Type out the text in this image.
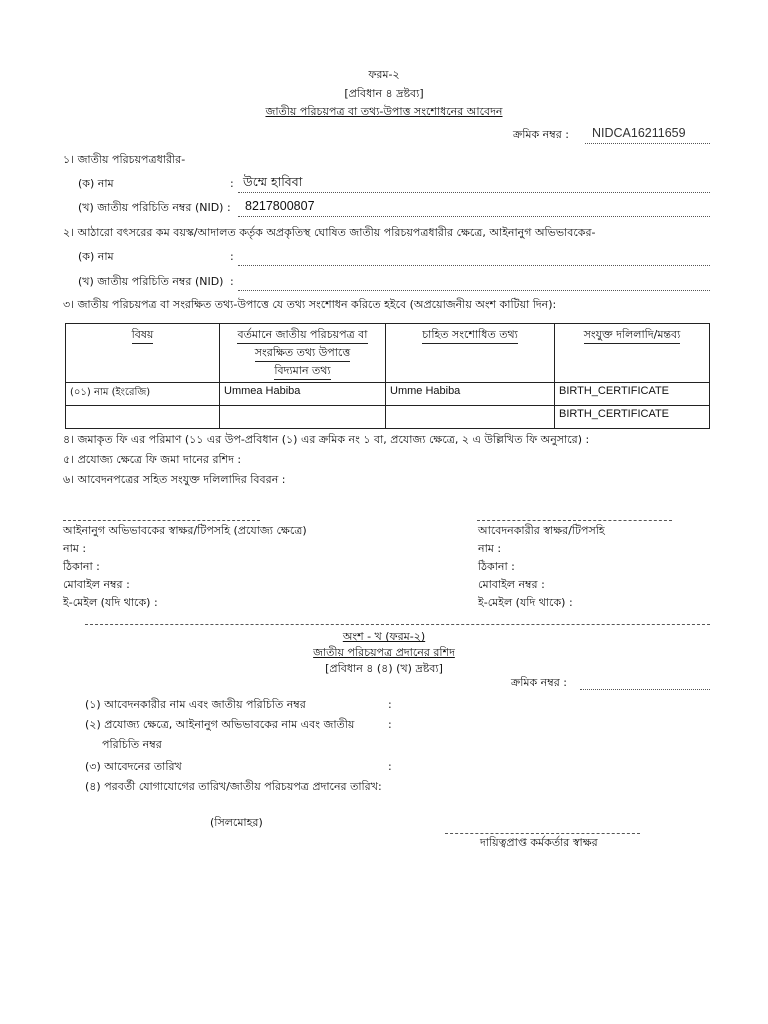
ফরম-২
[প্রবিধান ৪ দ্রষ্টব্য]
জাতীয় পরিচয়পত্র বা তথ্য-উপাত্ত সংশোধনের আবেদন
ক্রমিক নম্বর : NIDCA16211659
১। জাতীয় পরিচয়পত্রধারীর-
(ক) নাম	: উম্মে হাবিবা
(খ) জাতীয় পরিচিতি নম্বর (NID) : 8217800807
২। আঠারো বৎসরের কম বয়স্ক/আদালত কর্তৃক অপ্রকৃতিস্থ ঘোষিত জাতীয় পরিচয়পত্রধারীর ক্ষেত্রে, আইনানুগ অভিভাবকের-
(ক) নাম	:
(খ) জাতীয় পরিচিতি নম্বর (NID) :
৩। জাতীয় পরিচয়পত্র বা সংরক্ষিত তথ্য-উপাত্তে যে তথ্য সংশোধন করিতে হইবে (অপ্রয়োজনীয় অংশ কাটিয়া দিন):
বিষয়	বর্তমানে জাতীয় পরিচয়পত্র বা
সংরক্ষিত তথ্য উপাত্তে
বিদ্যমান তথ্য	চাহিত সংশোধিত তথ্য	সংযুক্ত দলিলাদি/মন্তব্য
(০১) নাম (ইংরেজি)	Ummea Habiba	Umme Habiba	BIRTH_CERTIFICATE
			BIRTH_CERTIFICATE
৪। জমাকৃত ফি এর পরিমাণ (১১ এর উপ-প্রবিধান (১) এর ক্রমিক নং ১ বা, প্রযোজ্য ক্ষেত্রে, ২ এ উল্লিখিত ফি অনুসারে) :
৫। প্রযোজ্য ক্ষেত্রে ফি জমা দানের রশিদ :
৬। আবেদনপত্রের সহিত সংযুক্ত দলিলাদির বিবরন :
আইনানুগ অভিভাবকের স্বাক্ষর/টিপসহি (প্রযোজ্য ক্ষেত্রে)
নাম :
ঠিকানা :
মোবাইল নম্বর :
ই-মেইল (যদি থাকে) :
আবেদনকারীর স্বাক্ষর/টিপসহি
নাম :
ঠিকানা :
মোবাইল নম্বর :
ই-মেইল (যদি থাকে) :
অংশ - খ (ফরম-২)
জাতীয় পরিচয়পত্র প্রদানের রশিদ
[প্রবিধান ৪ (৪) (খ) দ্রষ্টব্য]
ক্রমিক নম্বর :
(১) আবেদনকারীর নাম এবং জাতীয় পরিচিতি নম্বর	:
(২) প্রযোজ্য ক্ষেত্রে, আইনানুগ অভিভাবকের নাম এবং জাতীয়	:
পরিচিতি নম্বর
(৩) আবেদনের তারিখ	:
(৪) পরবর্তী যোগাযোগের তারিখ/জাতীয় পরিচয়পত্র প্রদানের তারিখ:
(সিলমোহর)
দায়িত্বপ্রাপ্ত কর্মকর্তার স্বাক্ষর
